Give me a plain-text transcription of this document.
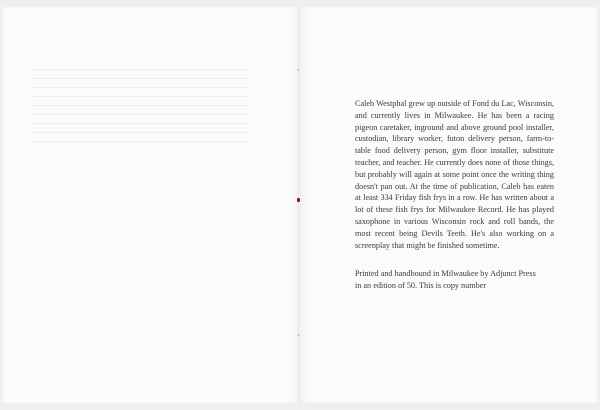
Caleb Westphal grew up outside of Fond du Lac, Wisconsin, and currently lives in Milwaukee. He has been a racing pigeon caretaker, inground and above ground pool installer, custodian, library worker, futon delivery person, farm-to-table food delivery person, gym floor installer, substitute teacher, and teacher. He currently does none of those things, but probably will again at some point once the writing thing doesn't pan out. At the time of publication, Caleb has eaten at least 334 Friday fish frys in a row. He has written about a lot of these fish frys for Milwaukee Record. He has played saxophone in various Wisconsin rock and roll bands, the most recent being Devils Teeth. He's also working on a screenplay that might be finished sometime.

Printed and handbound in Milwaukee by Adjunct Press
in an edition of 50. This is copy number
